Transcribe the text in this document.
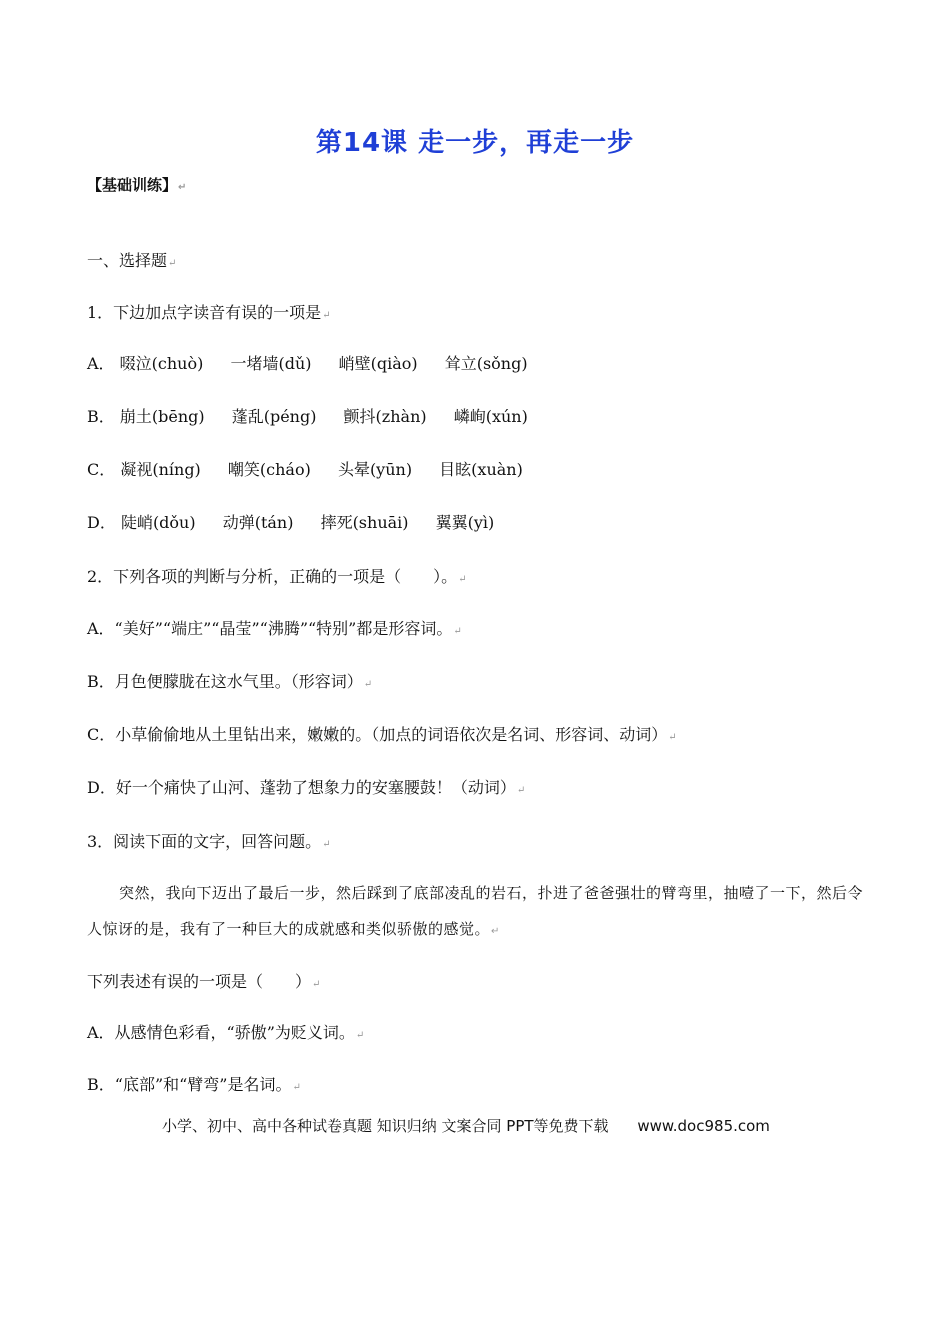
第14课 走一步，再走一步
【基础训练】↵
一、选择题↵
1．下边加点字读音有误的一项是↵
A． 啜泣(chuò) 一堵墙(dǔ) 峭壁(qiào) 耸立(sǒng)
B． 崩土(bēng) 蓬乱(péng) 颤抖(zhàn) 嶙峋(xún)
C． 凝视(níng) 嘲笑(cháo) 头晕(yūn) 目眩(xuàn)
D． 陡峭(dǒu) 动弹(tán) 摔死(shuāi) 翼翼(yì)
2．下列各项的判断与分析，正确的一项是（　　）。↵
A．“美好”“端庄”“晶莹”“沸腾”“特别”都是形容词。↵
B．月色便朦胧在这水气里。（形容词）↵
C．小草偷偷地从土里钻出来，嫩嫩的。（加点的词语依次是名词、形容词、动词）↵
D．好一个痛快了山河、蓬勃了想象力的安塞腰鼓！（动词）↵
3．阅读下面的文字，回答问题。↵
突然，我向下迈出了最后一步，然后踩到了底部凌乱的岩石，扑进了爸爸强壮的臂弯里，抽噎了一下，然后令人惊讶的是，我有了一种巨大的成就感和类似骄傲的感觉。↵
下列表述有误的一项是（　　）↵
A．从感情色彩看，“骄傲”为贬义词。↵
B．“底部”和“臂弯”是名词。↵
小学、初中、高中各种试卷真题 知识归纳 文案合同 PPT等免费下载 www.doc985.com
